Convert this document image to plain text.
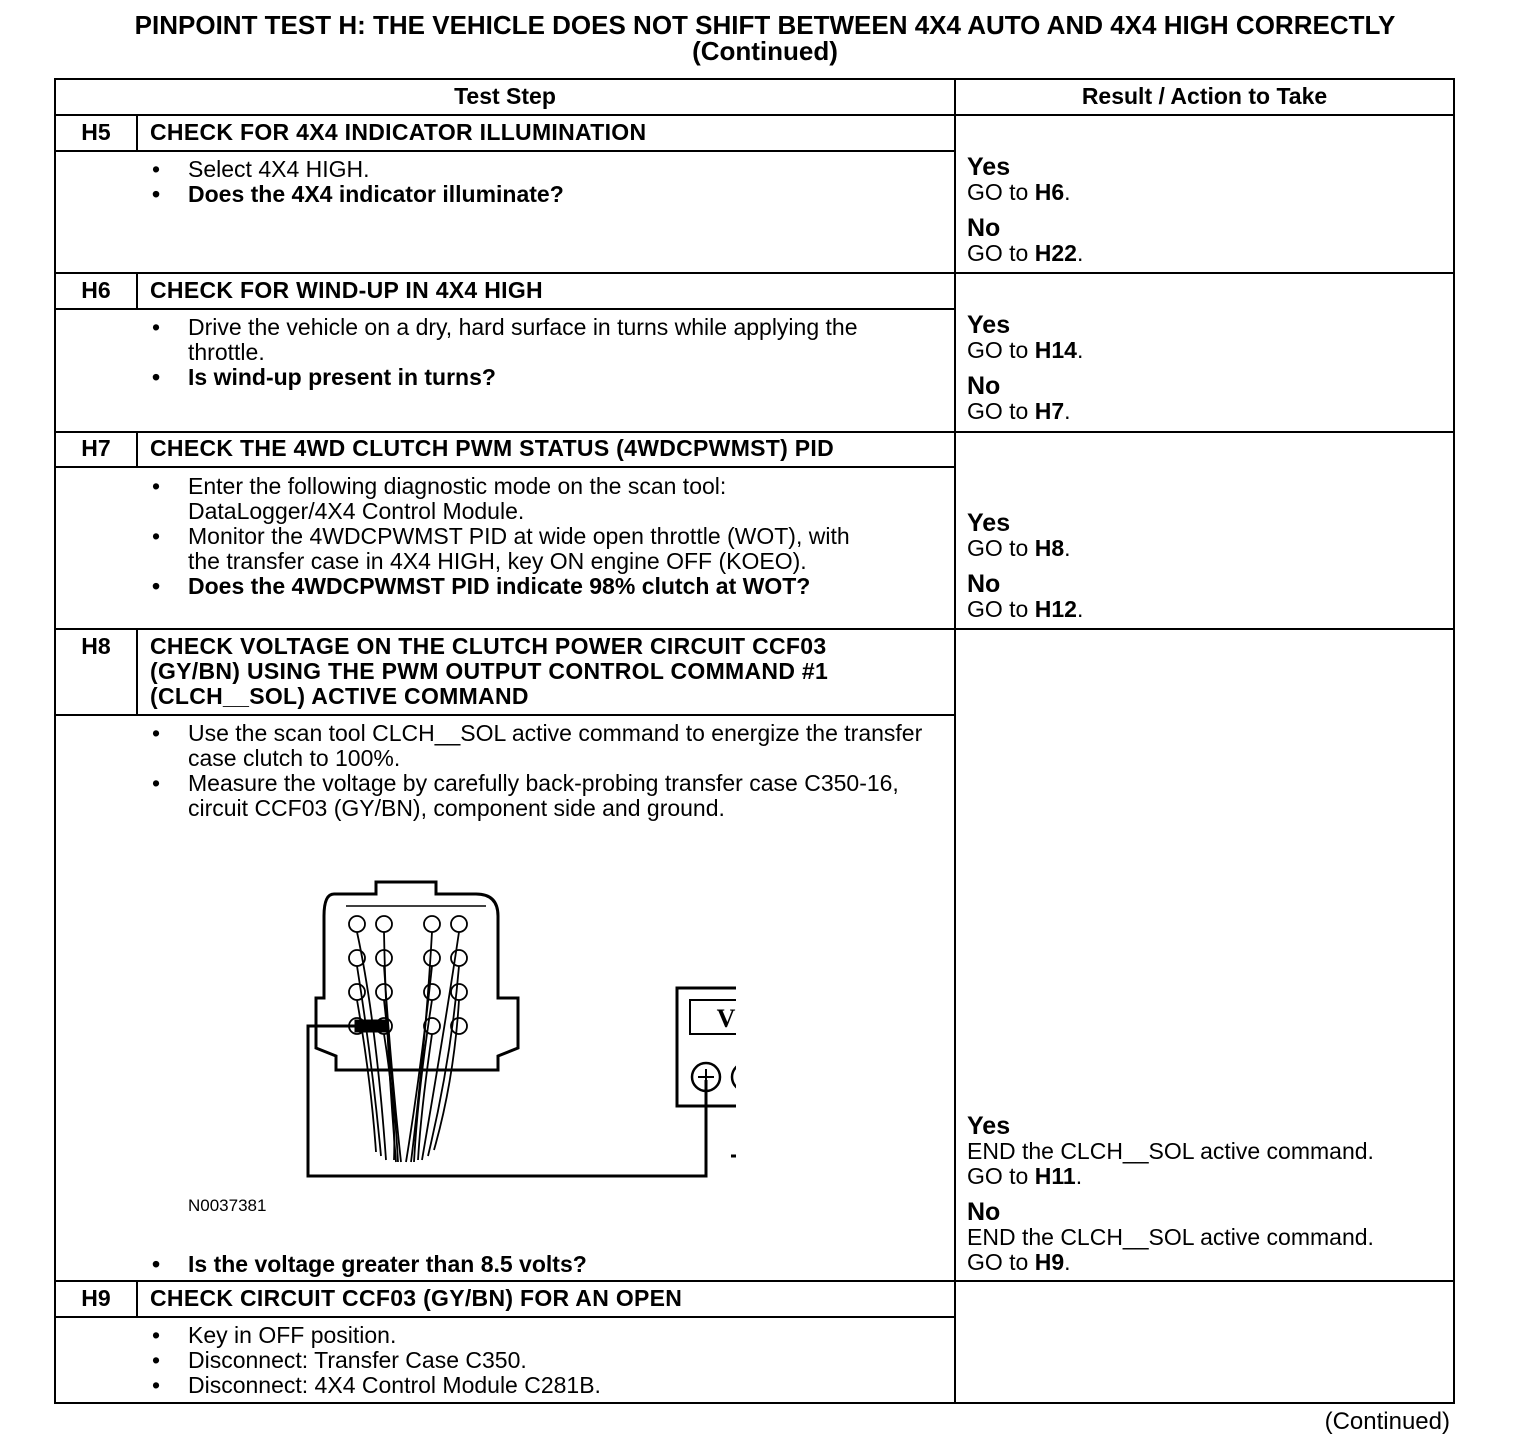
PINPOINT TEST H: THE VEHICLE DOES NOT SHIFT BETWEEN 4X4 AUTO AND 4X4 HIGH CORRECTLY
(Continued)
Test Step	Result / Action to Take
H5	CHECK FOR 4X4 INDICATOR ILLUMINATION
• Select 4X4 HIGH.
• Does the 4X4 indicator illuminate?
Yes
GO to H6.
No
GO to H22.
H6	CHECK FOR WIND-UP IN 4X4 HIGH
• Drive the vehicle on a dry, hard surface in turns while applying the throttle.
• Is wind-up present in turns?
Yes
GO to H14.
No
GO to H7.
H7	CHECK THE 4WD CLUTCH PWM STATUS (4WDCPWMST) PID
• Enter the following diagnostic mode on the scan tool: DataLogger/4X4 Control Module.
• Monitor the 4WDCPWMST PID at wide open throttle (WOT), with the transfer case in 4X4 HIGH, key ON engine OFF (KOEO).
• Does the 4WDCPWMST PID indicate 98% clutch at WOT?
Yes
GO to H8.
No
GO to H12.
H8	CHECK VOLTAGE ON THE CLUTCH POWER CIRCUIT CCF03 (GY/BN) USING THE PWM OUTPUT CONTROL COMMAND #1 (CLCH__SOL) ACTIVE COMMAND
• Use the scan tool CLCH__SOL active command to energize the transfer case clutch to 100%.
• Measure the voltage by carefully back-probing transfer case C350-16, circuit CCF03 (GY/BN), component side and ground.
V
N0037381
• Is the voltage greater than 8.5 volts?
Yes
END the CLCH__SOL active command.
GO to H11.
No
END the CLCH__SOL active command.
GO to H9.
H9	CHECK CIRCUIT CCF03 (GY/BN) FOR AN OPEN
• Key in OFF position.
• Disconnect: Transfer Case C350.
• Disconnect: 4X4 Control Module C281B.
(Continued)
